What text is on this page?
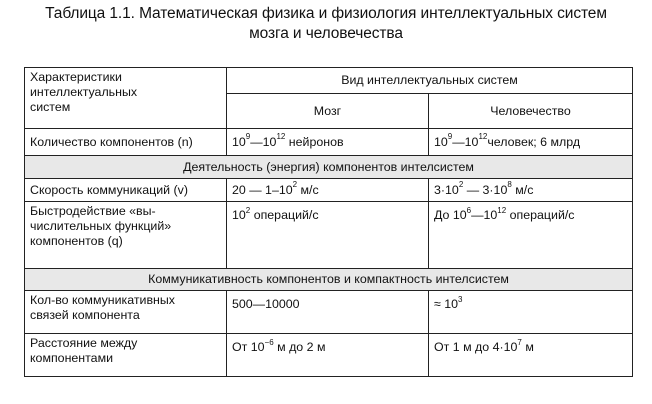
Таблица 1.1. Математическая физика и физиология интеллектуальных систем
мозга и человечества
Характеристики
интеллектуальных
систем	Вид интеллектуальных систем	
	Мозг	Человечество
Количество компонентов (n)	$10^9—10^{12}$ нейронов	$10^9—10^{12}человек$; 6 млрд
Деятельность (энергия) компонентов интелсистем		
Скорость коммуникаций (v)	20 — $1-10^2$ м/с	$3\cdot 10^2$ — $3\cdot 10^8$ м/с

Быстродействие «вы-
числительных функций»
компонентов (q)	$10^2$ операций/с	До $10^6—10^{12}$ операций/с
Коммуникативность компонентов и компактность интелсистем		

Кол-во коммуникативных
связей компонента	500—10000	≈ $10^3$

Расстояние между
компонентами	От $10^{-6}$ м до 2 м	От 1 м до $4\cdot 10^7$ м
